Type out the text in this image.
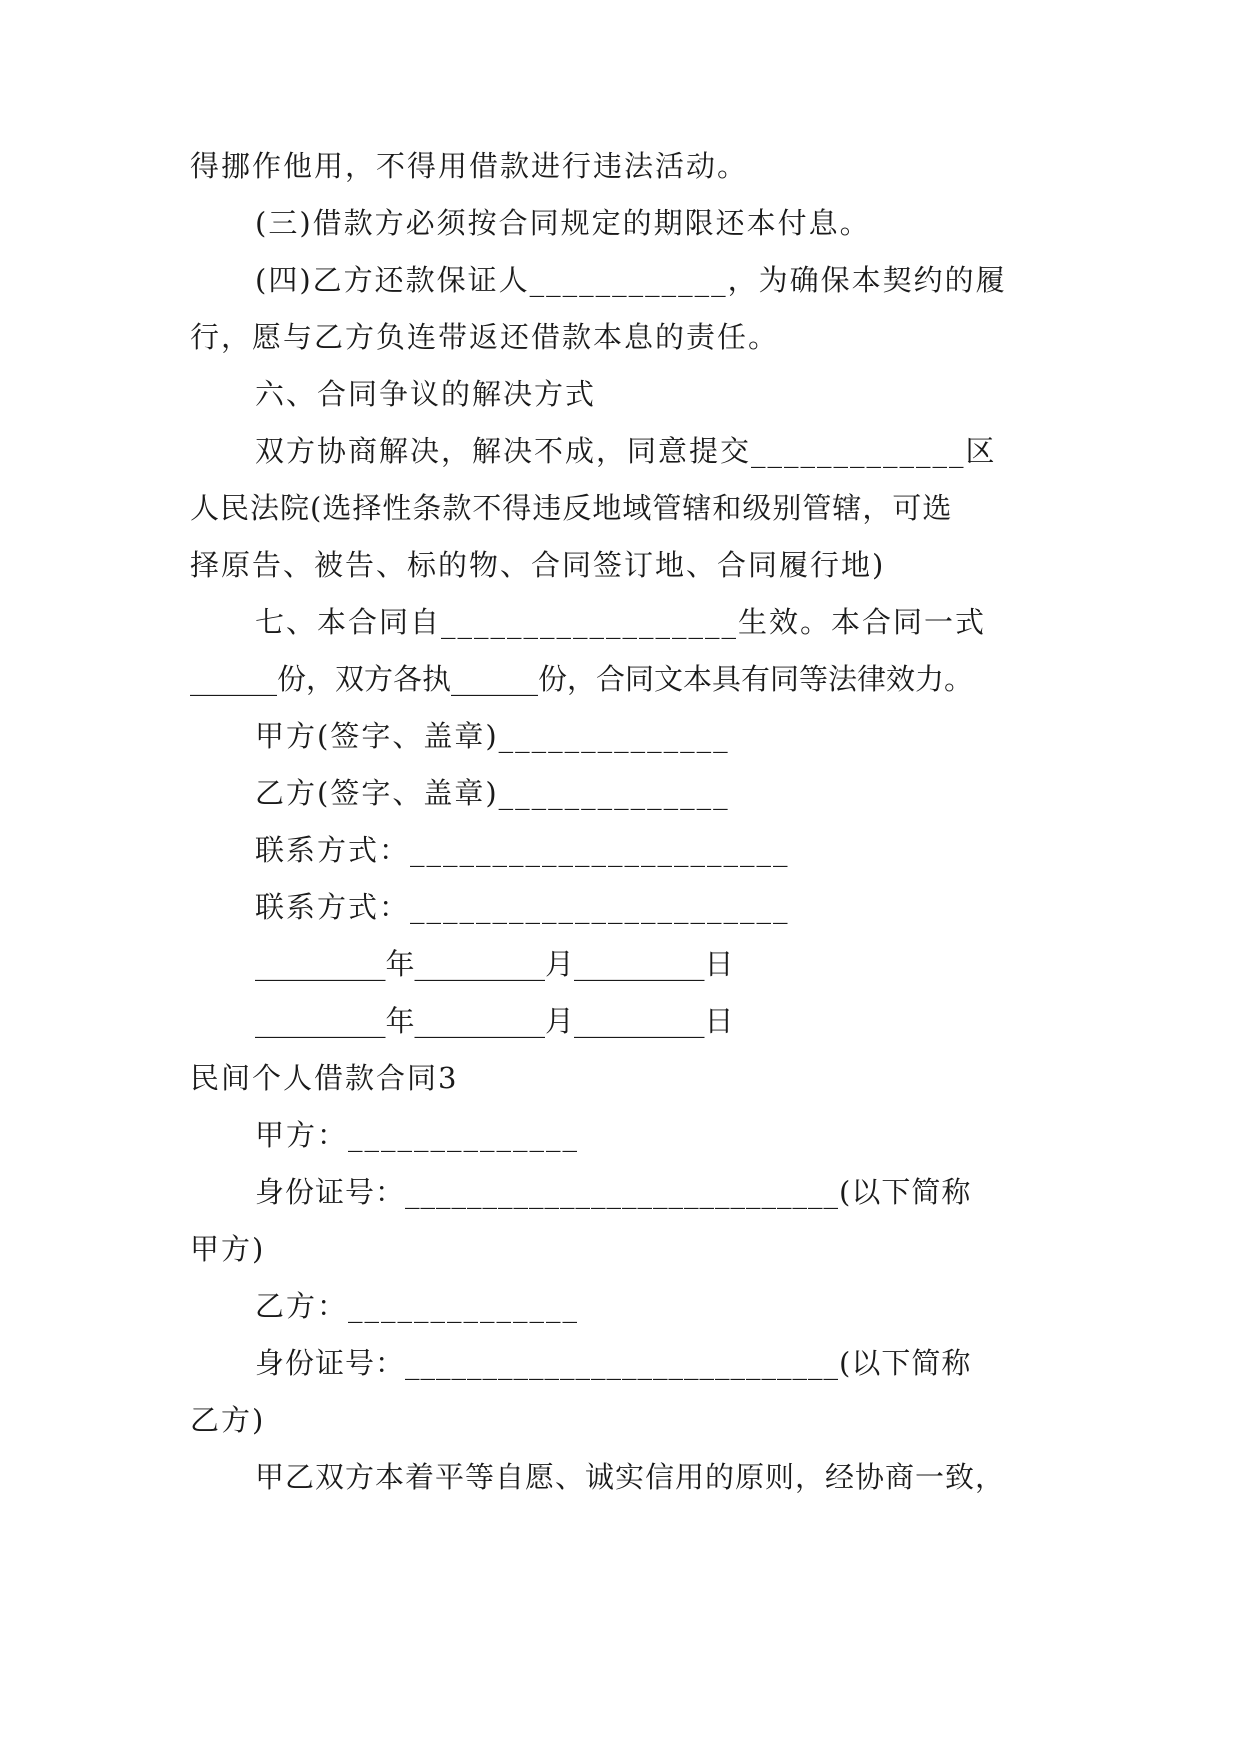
得挪作他用，不得用借款进行违法活动。
(三)借款方必须按合同规定的期限还本付息。
(四)乙方还款保证人____________，为确保本契约的履
行，愿与乙方负连带返还借款本息的责任。
六、合同争议的解决方式
双方协商解决，解决不成，同意提交_____________区
人民法院(选择性条款不得违反地域管辖和级别管辖，可选
择原告、被告、标的物、合同签订地、合同履行地)
七、本合同自__________________生效。本合同一式
______份，双方各执______份，合同文本具有同等法律效力。
甲方(签字、盖章)______________
乙方(签字、盖章)______________
联系方式：_______________________
联系方式：_______________________
_________年_________月_________日
_________年_________月_________日
民间个人借款合同3
甲方：______________
身份证号：____________________________(以下简称
甲方)
乙方：______________
身份证号：____________________________(以下简称
乙方)
甲乙双方本着平等自愿、诚实信用的原则，经协商一致，
